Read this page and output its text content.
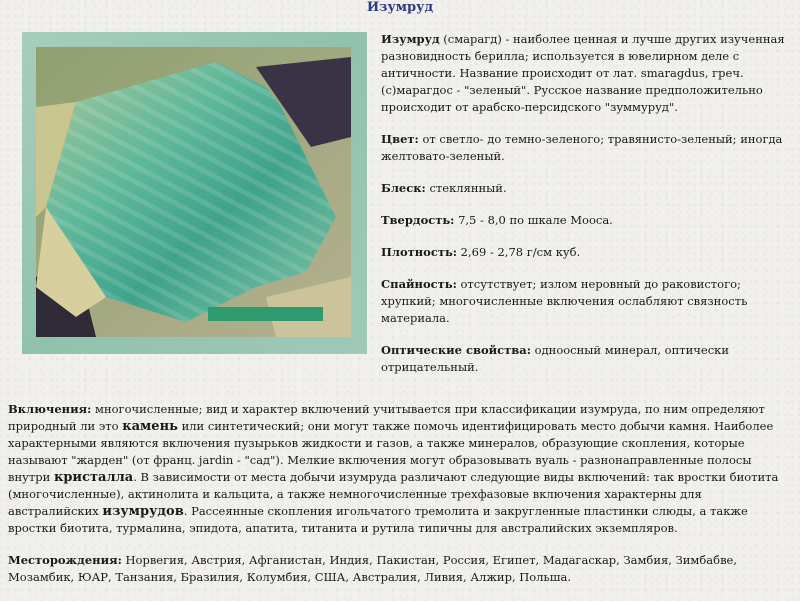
Изумруд

Изумруд (смарагд) - наиболее ценная и лучше других изученная разновидность берилла; используется в ювелирном деле с античности. Название происходит от лат. smaragdus, греч. (с)марагдос - "зеленый". Русское название предположительно происходит от арабско-персидского "зуммуруд".

Цвет: от светло- до темно-зеленого; травянисто-зеленый; иногда желтовато-зеленый.

Блеск: стеклянный.

Твердость: 7,5 - 8,0 по шкале Мооса.

Плотность: 2,69 - 2,78 г/см куб.

Спайность: отсутствует; излом неровный до раковистого; хрупкий; многочисленные включения ослабляют связность материала.

Оптические свойства: одноосный минерал, оптически отрицательный.

Включения: многочисленные; вид и характер включений учитывается при классификации изумруда, по ним определяют природный ли это камень или синтетический; они могут также помочь идентифицировать место добычи камня. Наиболее характерными являются включения пузырьков жидкости и газов, а также минералов, образующие скопления, которые называют "жарден" (от франц. jardin - "сад"). Мелкие включения могут образовывать вуаль - разнонаправленные полосы внутри кристалла. В зависимости от места добычи изумруда различают следующие виды включений: так вростки биотита (многочисленные), актинолита и кальцита, а также немногочисленные трехфазовые включения характерны для австралийских изумрудов. Рассеянные скопления игольчатого тремолита и закругленные пластинки слюды, а также вростки биотита, турмалина, эпидота, апатита, титанита и рутила типичны для австралийских экземпляров.

Месторождения: Норвегия, Австрия, Афганистан, Индия, Пакистан, Россия, Египет, Мадагаскар, Замбия, Зимбабве, Мозамбик, ЮАР, Танзания, Бразилия, Колумбия, США, Австралия, Ливия, Алжир, Польша.
